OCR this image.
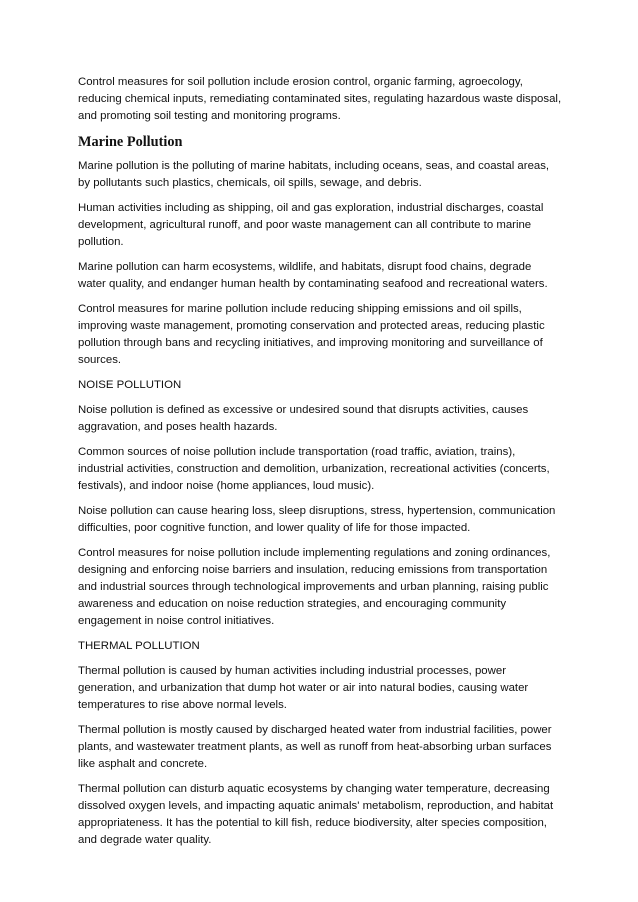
Control measures for soil pollution include erosion control, organic farming, agroecology, reducing chemical inputs, remediating contaminated sites, regulating hazardous waste disposal, and promoting soil testing and monitoring programs.

Marine Pollution

Marine pollution is the polluting of marine habitats, including oceans, seas, and coastal areas, by pollutants such plastics, chemicals, oil spills, sewage, and debris.

Human activities including as shipping, oil and gas exploration, industrial discharges, coastal development, agricultural runoff, and poor waste management can all contribute to marine pollution.

Marine pollution can harm ecosystems, wildlife, and habitats, disrupt food chains, degrade water quality, and endanger human health by contaminating seafood and recreational waters.

Control measures for marine pollution include reducing shipping emissions and oil spills, improving waste management, promoting conservation and protected areas, reducing plastic pollution through bans and recycling initiatives, and improving monitoring and surveillance of sources.

NOISE POLLUTION

Noise pollution is defined as excessive or undesired sound that disrupts activities, causes aggravation, and poses health hazards.

Common sources of noise pollution include transportation (road traffic, aviation, trains), industrial activities, construction and demolition, urbanization, recreational activities (concerts, festivals), and indoor noise (home appliances, loud music).

Noise pollution can cause hearing loss, sleep disruptions, stress, hypertension, communication difficulties, poor cognitive function, and lower quality of life for those impacted.

Control measures for noise pollution include implementing regulations and zoning ordinances, designing and enforcing noise barriers and insulation, reducing emissions from transportation and industrial sources through technological improvements and urban planning, raising public awareness and education on noise reduction strategies, and encouraging community engagement in noise control initiatives.

THERMAL POLLUTION

Thermal pollution is caused by human activities including industrial processes, power generation, and urbanization that dump hot water or air into natural bodies, causing water temperatures to rise above normal levels.

Thermal pollution is mostly caused by discharged heated water from industrial facilities, power plants, and wastewater treatment plants, as well as runoff from heat-absorbing urban surfaces like asphalt and concrete.

Thermal pollution can disturb aquatic ecosystems by changing water temperature, decreasing dissolved oxygen levels, and impacting aquatic animals' metabolism, reproduction, and habitat appropriateness. It has the potential to kill fish, reduce biodiversity, alter species composition, and degrade water quality.
